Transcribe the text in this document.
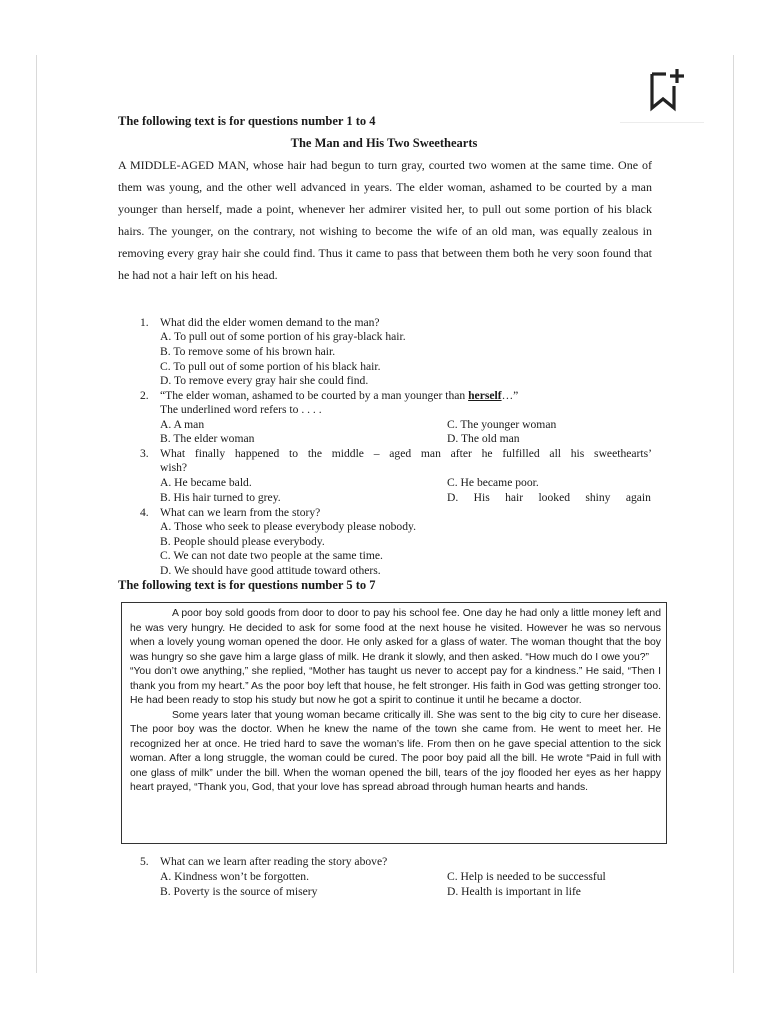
The following text is for questions number 1 to 4
The Man and His Two Sweethearts
A MIDDLE-AGED MAN, whose hair had begun to turn gray, courted two women at the same time. One of them was young, and the other well advanced in years. The elder woman, ashamed to be courted by a man younger than herself, made a point, whenever her admirer visited her, to pull out some portion of his black hairs. The younger, on the contrary, not wishing to become the wife of an old man, was equally zealous in removing every gray hair she could find. Thus it came to pass that between them both he very soon found that he had not a hair left on his head.
1. What did the elder women demand to the man?
A. To pull out of some portion of his gray-black hair.
B. To remove some of his brown hair.
C. To pull out of some portion of his black hair.
D. To remove every gray hair she could find.
2. “The elder woman, ashamed to be courted by a man younger than herself…”
The underlined word refers to . . . .
A. A man
B. The elder woman
C. The younger woman
D. The old man
3. What finally happened to the middle – aged man after he fulfilled all his sweethearts’
wish?
A. He became bald.
B. His hair turned to grey.
C. He became poor.
D. His hair looked shiny again
4. What can we learn from the story?
A. Those who seek to please everybody please nobody.
B. People should please everybody.
C. We can not date two people at the same time.
D. We should have good attitude toward others.
The following text is for questions number 5 to 7

A poor boy sold goods from door to door to pay his school fee. One day he had only a little money left and he was very hungry. He decided to ask for some food at the next house he visited. However he was so nervous when a lovely young woman opened the door. He only asked for a glass of water. The woman thought that the boy was hungry so she gave him a large glass of milk. He drank it slowly, and then asked. “How much do I owe you?”

“You don’t owe anything,” she replied, “Mother has taught us never to accept pay for a kindness.” He said, “Then I thank you from my heart.” As the poor boy left that house, he felt stronger. His faith in God was getting stronger too. He had been ready to stop his study but now he got a spirit to continue it until he became a doctor.

Some years later that young woman became critically ill. She was sent to the big city to cure her disease. The poor boy was the doctor. When he knew the name of the town she came from. He went to meet her. He recognized her at once. He tried hard to save the woman’s life. From then on he gave special attention to the sick woman. After a long struggle, the woman could be cured. The poor boy paid all the bill. He wrote “Paid in full with one glass of milk” under the bill. When the woman opened the bill, tears of the joy flooded her eyes as her happy heart prayed, “Thank you, God, that your love has spread abroad through human hearts and hands.

5. What can we learn after reading the story above?
A. Kindness won’t be forgotten.
B. Poverty is the source of misery
C. Help is needed to be successful
D. Health is important in life
